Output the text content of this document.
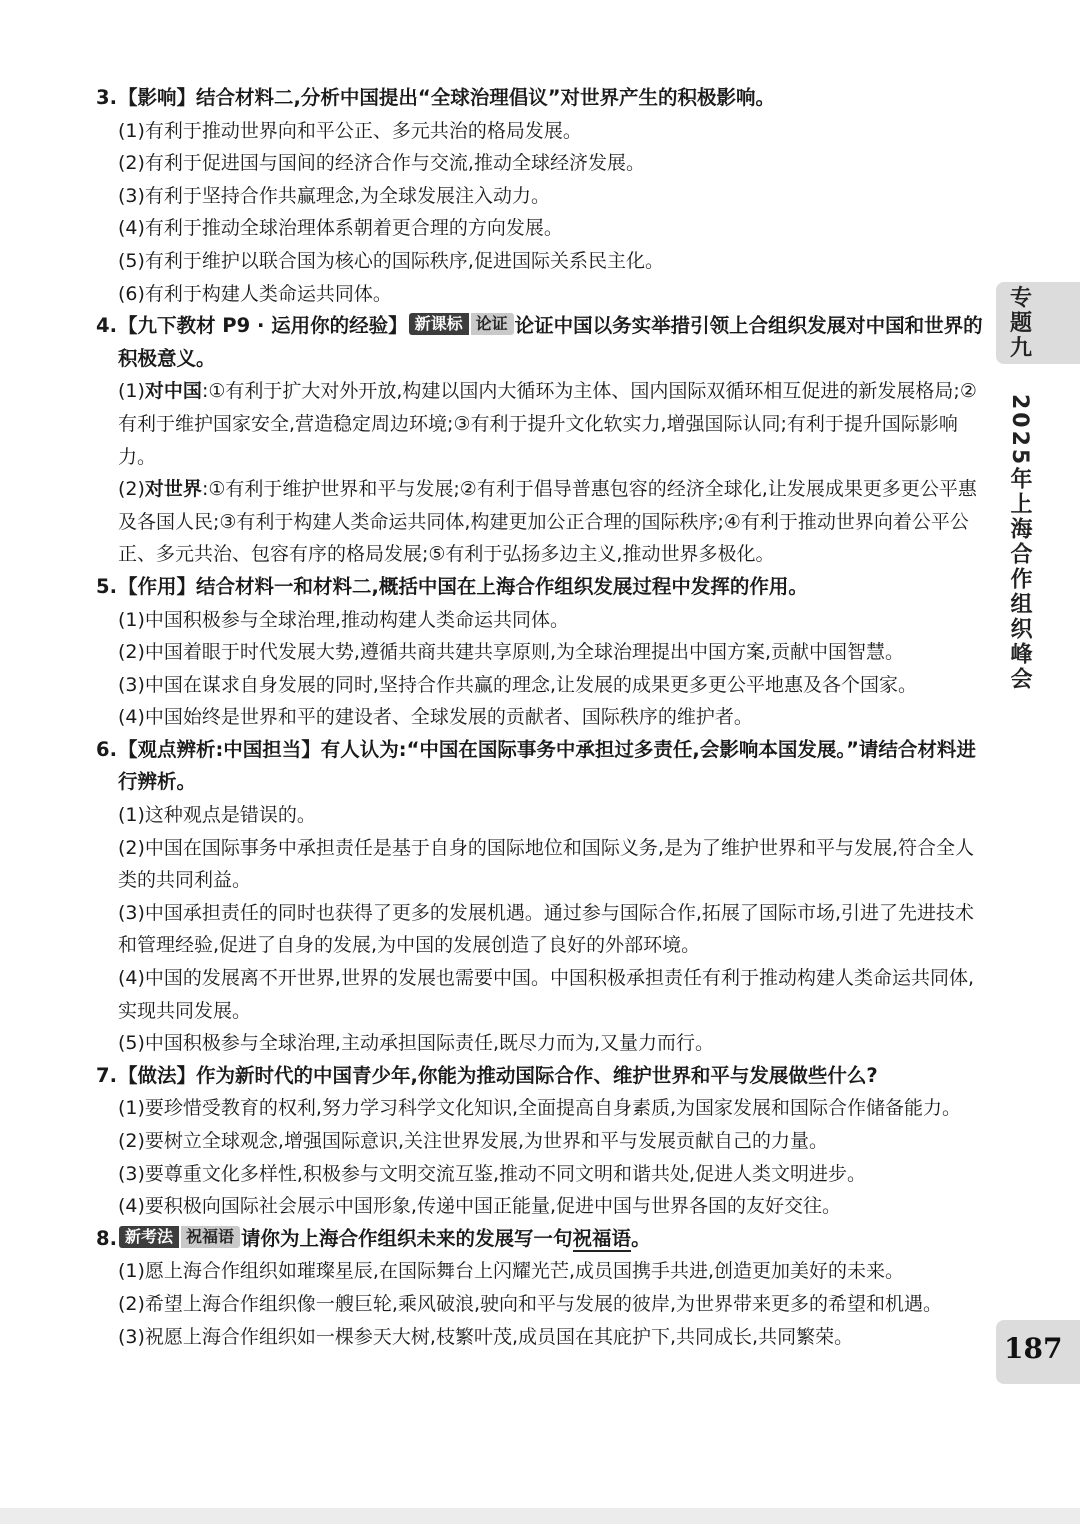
3. 【影响】结合材料二,分析中国提出“全球治理倡议”对世界产生的积极影响。
(1)有利于推动世界向和平公正、多元共治的格局发展。
(2)有利于促进国与国间的经济合作与交流,推动全球经济发展。
(3)有利于坚持合作共赢理念,为全球发展注入动力。
(4)有利于推动全球治理体系朝着更合理的方向发展。
(5)有利于维护以联合国为核心的国际秩序,促进国际关系民主化。
(6)有利于构建人类命运共同体。
4. 【九下教材 P9 · 运用你的经验】 新课标 论证 论证中国以务实举措引领上合组织发展对中国和世界的积极意义。
(1)对中国:①有利于扩大对外开放,构建以国内大循环为主体、国内国际双循环相互促进的新发展格局;②有利于维护国家安全,营造稳定周边环境;③有利于提升文化软实力,增强国际认同;有利于提升国际影响力。
(2)对世界:①有利于维护世界和平与发展;②有利于倡导普惠包容的经济全球化,让发展成果更多更公平惠及各国人民;③有利于构建人类命运共同体,构建更加公正合理的国际秩序;④有利于推动世界向着公平公正、多元共治、包容有序的格局发展;⑤有利于弘扬多边主义,推动世界多极化。
5. 【作用】结合材料一和材料二,概括中国在上海合作组织发展过程中发挥的作用。
(1)中国积极参与全球治理,推动构建人类命运共同体。
(2)中国着眼于时代发展大势,遵循共商共建共享原则,为全球治理提出中国方案,贡献中国智慧。
(3)中国在谋求自身发展的同时,坚持合作共赢的理念,让发展的成果更多更公平地惠及各个国家。
(4)中国始终是世界和平的建设者、全球发展的贡献者、国际秩序的维护者。
6. 【观点辨析:中国担当】有人认为:“中国在国际事务中承担过多责任,会影响本国发展。”请结合材料进行辨析。
(1)这种观点是错误的。
(2)中国在国际事务中承担责任是基于自身的国际地位和国际义务,是为了维护世界和平与发展,符合全人类的共同利益。
(3)中国承担责任的同时也获得了更多的发展机遇。通过参与国际合作,拓展了国际市场,引进了先进技术和管理经验,促进了自身的发展,为中国的发展创造了良好的外部环境。
(4)中国的发展离不开世界,世界的发展也需要中国。中国积极承担责任有利于推动构建人类命运共同体,实现共同发展。
(5)中国积极参与全球治理,主动承担国际责任,既尽力而为,又量力而行。
7. 【做法】作为新时代的中国青少年,你能为推动国际合作、维护世界和平与发展做些什么?
(1)要珍惜受教育的权利,努力学习科学文化知识,全面提高自身素质,为国家发展和国际合作储备能力。
(2)要树立全球观念,增强国际意识,关注世界发展,为世界和平与发展贡献自己的力量。
(3)要尊重文化多样性,积极参与文明交流互鉴,推动不同文明和谐共处,促进人类文明进步。
(4)要积极向国际社会展示中国形象,传递中国正能量,促进中国与世界各国的友好交往。
8. 新考法 祝福语 请你为上海合作组织未来的发展写一句祝福语。
(1)愿上海合作组织如璀璨星辰,在国际舞台上闪耀光芒,成员国携手共进,创造更加美好的未来。
(2)希望上海合作组织像一艘巨轮,乘风破浪,驶向和平与发展的彼岸,为世界带来更多的希望和机遇。
(3)祝愿上海合作组织如一棵参天大树,枝繁叶茂,成员国在其庇护下,共同成长,共同繁荣。
专题九
2025年上海合作组织峰会
187
